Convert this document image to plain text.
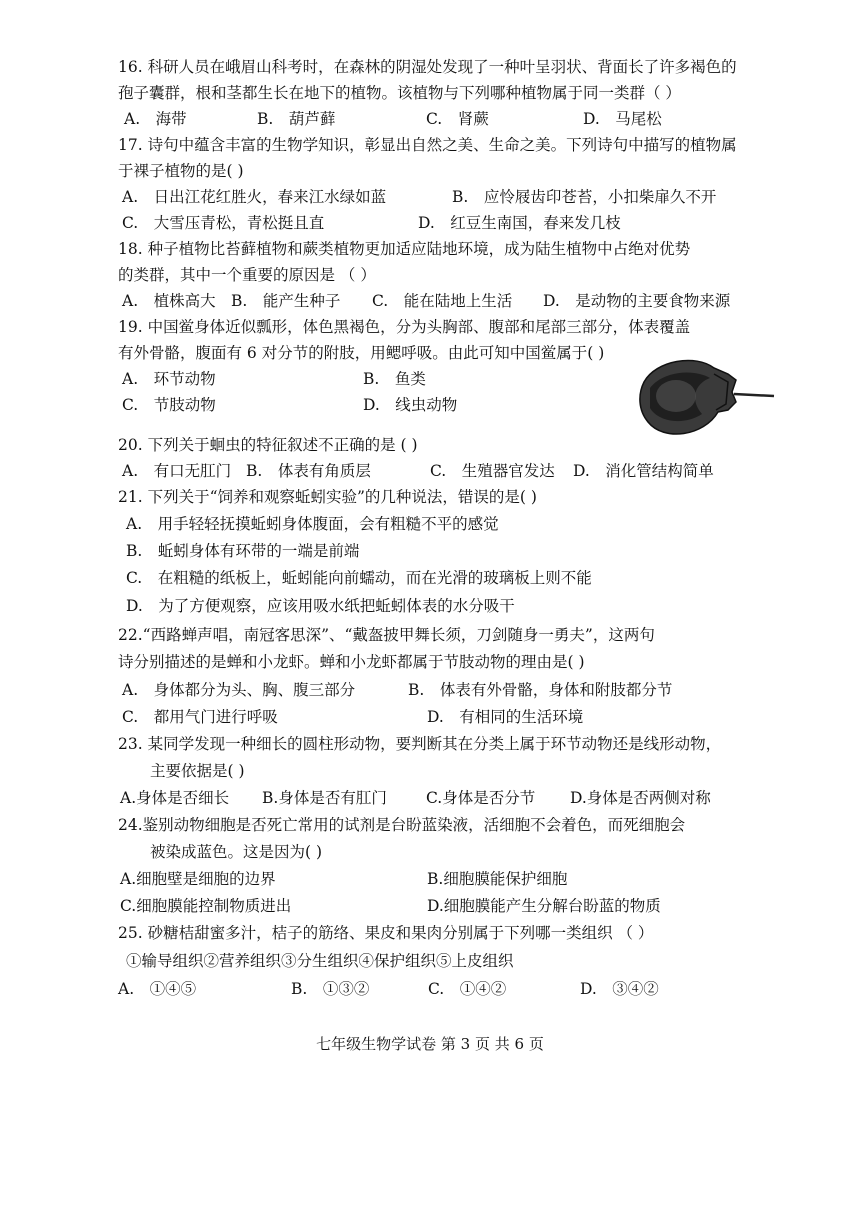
16. 科研人员在峨眉山科考时，在森林的阴湿处发现了一种叶呈羽状、背面长了许多褐色的
孢子囊群，根和茎都生长在地下的植物。该植物与下列哪种植物属于同一类群（ ）
A.　海带	B.　葫芦藓	C.　肾蕨	D.　马尾松
17. 诗句中蕴含丰富的生物学知识，彰显出自然之美、生命之美。下列诗句中描写的植物属
于裸子植物的是( )
A.　日出江花红胜火，春来江水绿如蓝	B.　应怜屐齿印苍苔，小扣柴扉久不开
C.　大雪压青松，青松挺且直	D.　红豆生南国，春来发几枝
18. 种子植物比苔藓植物和蕨类植物更加适应陆地环境，成为陆生植物中占绝对优势
的类群，其中一个重要的原因是 （ ）
A.　植株高大 B.　能产生种子 C.　能在陆地上生活 D.　是动物的主要食物来源
19. 中国鲎身体近似瓢形，体色黑褐色，分为头胸部、腹部和尾部三部分，体表覆盖
有外骨骼，腹面有 6 对分节的附肢，用鳃呼吸。由此可知中国鲎属于( )
A.　环节动物	B.　鱼类
C.　节肢动物	D.　线虫动物
20. 下列关于蛔虫的特征叙述不正确的是 ( )
A.　有口无肛门 B.　体表有角质层	C.　生殖器官发达 D.　消化管结构简单
21. 下列关于“饲养和观察蚯蚓实验”的几种说法，错误的是( )
A.　用手轻轻抚摸蚯蚓身体腹面，会有粗糙不平的感觉
B.　蚯蚓身体有环带的一端是前端
C.　在粗糙的纸板上，蚯蚓能向前蠕动，而在光滑的玻璃板上则不能
D.　为了方便观察，应该用吸水纸把蚯蚓体表的水分吸干
22.“西路蝉声唱，南冠客思深”、“戴盔披甲舞长须，刀剑随身一勇夫”，这两句
诗分别描述的是蝉和小龙虾。蝉和小龙虾都属于节肢动物的理由是( )
A.　身体都分为头、胸、腹三部分	B.　体表有外骨骼，身体和附肢都分节
C.　都用气门进行呼吸	D.　有相同的生活环境
23. 某同学发现一种细长的圆柱形动物，要判断其在分类上属于环节动物还是线形动物，
主要依据是( )
A.身体是否细长 B.身体是否有肛门	C.身体是否分节 D.身体是否两侧对称
24.鉴别动物细胞是否死亡常用的试剂是台盼蓝染液，活细胞不会着色，而死细胞会
被染成蓝色。这是因为( )
A.细胞壁是细胞的边界	B.细胞膜能保护细胞
C.细胞膜能控制物质进出	D.细胞膜能产生分解台盼蓝的物质
25. 砂糖桔甜蜜多汁，桔子的筋络、果皮和果肉分别属于下列哪一类组织 （ ）
①输导组织②营养组织③分生组织④保护组织⑤上皮组织
A.　①④⑤	B.　①③②	C.　①④②	D.　③④②
七年级生物学试卷 第 3 页 共 6 页
